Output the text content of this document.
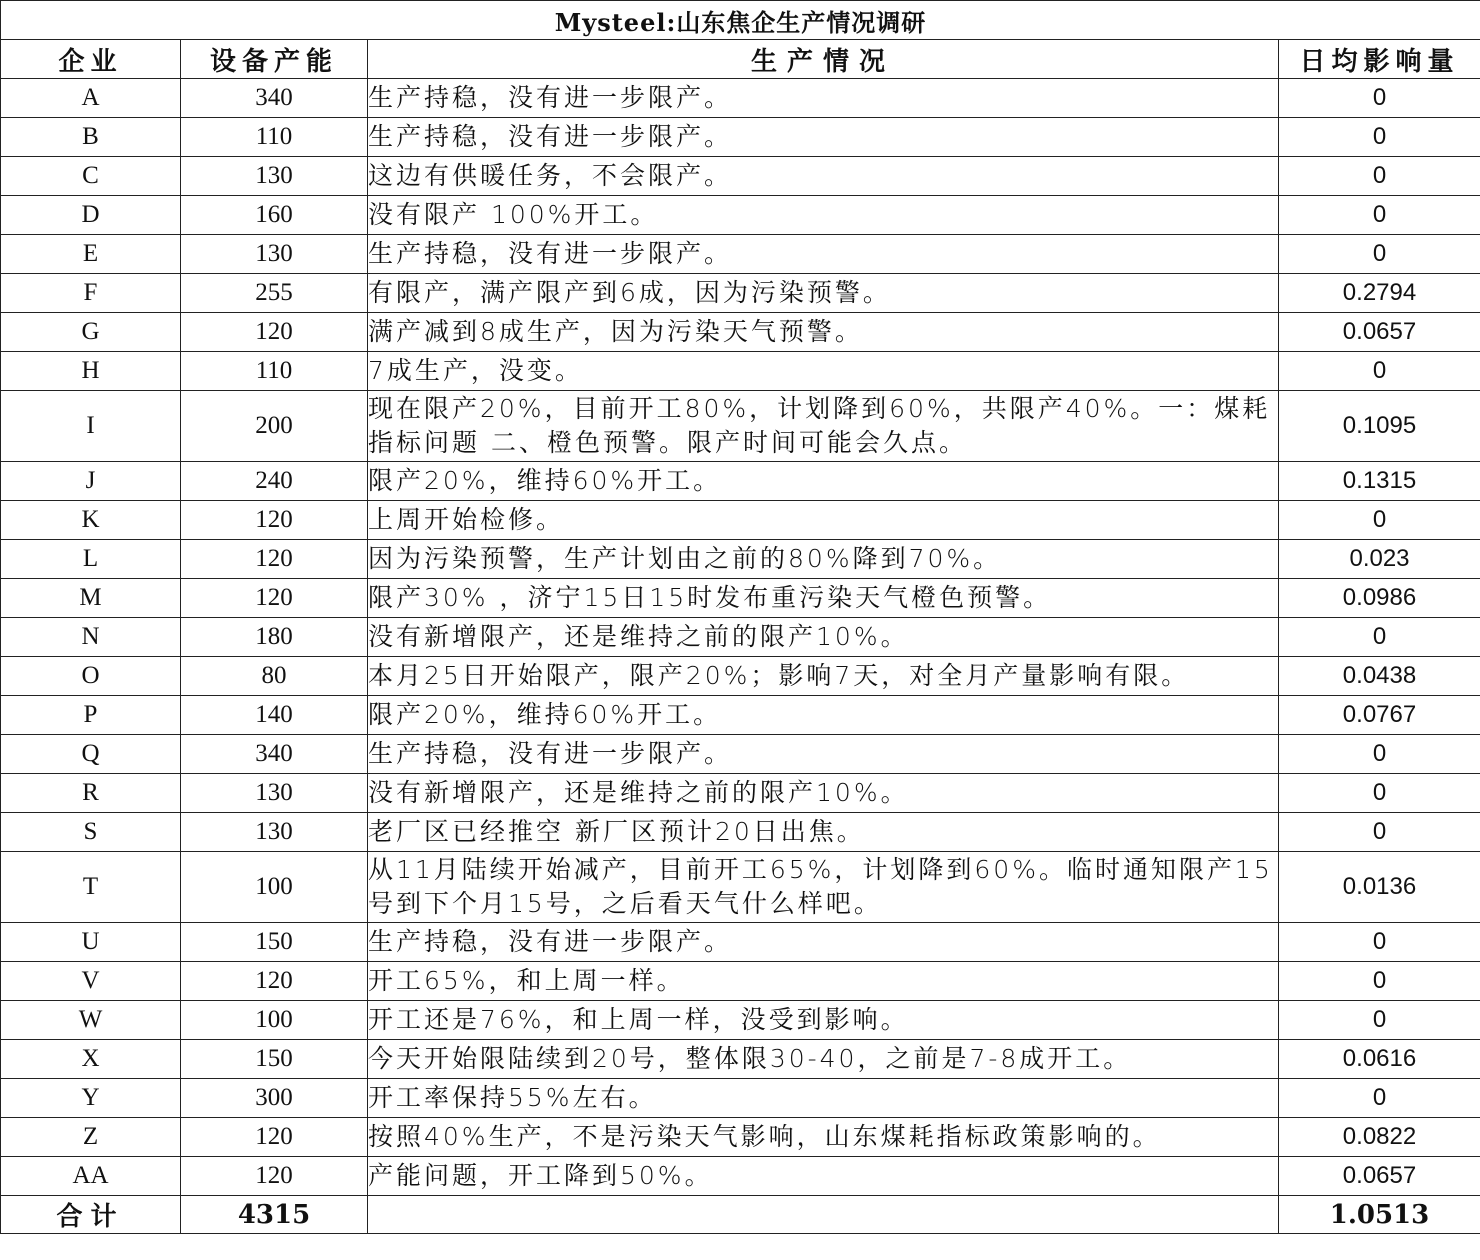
Mysteel:山东焦企生产情况调研			
企业	设备产能	生产情况	日均影响量
A	340	生产持稳，没有进一步限产。	0
B	110	生产持稳，没有进一步限产。	0
C	130	这边有供暖任务，不会限产。	0
D	160	没有限产 100%开工。	0
E	130	生产持稳，没有进一步限产。	0
F	255	有限产，满产限产到6成，因为污染预警。	0.2794
G	120	满产减到8成生产，因为污染天气预警。	0.0657
H	110	7成生产，没变。	0
I	200	现在限产20%，目前开工80%，计划降到60%，共限产40%。一：煤耗指标问题 二、橙色预警。限产时间可能会久点。	0.1095
J	240	限产20%，维持60%开工。	0.1315
K	120	上周开始检修。	0
L	120	因为污染预警，生产计划由之前的80%降到70%。	0.023
M	120	限产30% ，济宁15日15时发布重污染天气橙色预警。	0.0986
N	180	没有新增限产，还是维持之前的限产10%。	0
O	80	本月25日开始限产，限产20%；影响7天，对全月产量影响有限。	0.0438
P	140	限产20%，维持60%开工。	0.0767
Q	340	生产持稳，没有进一步限产。	0
R	130	没有新增限产，还是维持之前的限产10%。	0
S	130	老厂区已经推空 新厂区预计20日出焦。	0
T	100	从11月陆续开始减产，目前开工65%，计划降到60%。临时通知限产15号到下个月15号，之后看天气什么样吧。	0.0136
U	150	生产持稳，没有进一步限产。	0
V	120	开工65%，和上周一样。	0
W	100	开工还是76%，和上周一样，没受到影响。	0
X	150	今天开始限陆续到20号，整体限30-40，之前是7-8成开工。	0.0616
Y	300	开工率保持55%左右。	0
Z	120	按照40%生产，不是污染天气影响，山东煤耗指标政策影响的。	0.0822
AA	120	产能问题，开工降到50%。	0.0657
合计	4315		1.0513
